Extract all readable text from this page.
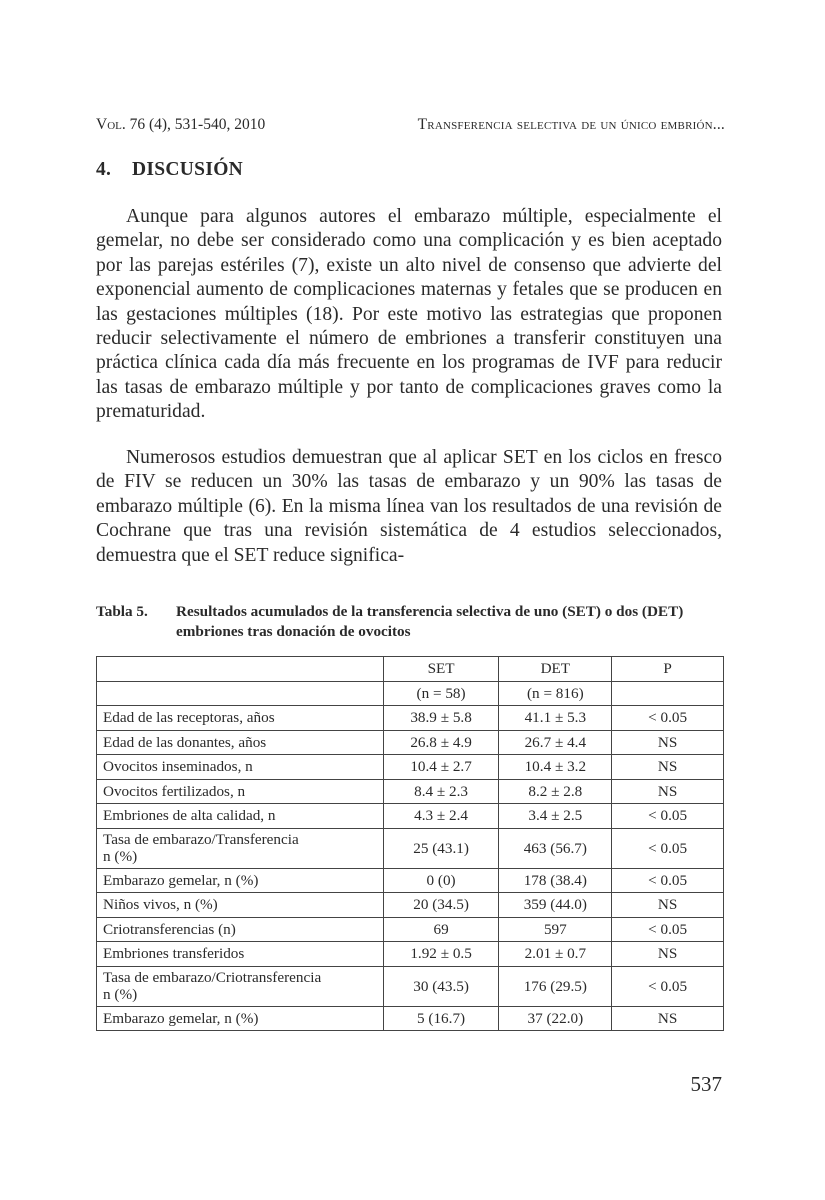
Vol. 76 (4), 531-540, 2010	Transferencia selectiva de un único embrión...
4. DISCUSIÓN

Aunque para algunos autores el embarazo múltiple, especialmente el gemelar, no debe ser considerado como una complicación y es bien aceptado por las parejas estériles (7), existe un alto nivel de consenso que advierte del exponencial aumento de complicaciones maternas y fetales que se producen en las gestaciones múltiples (18). Por este motivo las estrategias que proponen reducir selectivamente el número de embriones a transferir constituyen una práctica clínica cada día más frecuente en los programas de IVF para reducir las tasas de embarazo múltiple y por tanto de complicaciones graves como la prematuridad.

Numerosos estudios demuestran que al aplicar SET en los ciclos en fresco de FIV se reducen un 30% las tasas de embarazo y un 90% las tasas de embarazo múltiple (6). En la misma línea van los resultados de una revisión de Cochrane que tras una revisión sistemática de 4 estudios seleccionados, demuestra que el SET reduce significa-

Tabla 5. Resultados acumulados de la transferencia selectiva de uno (SET) o dos (DET) embriones tras donación de ovocitos
	SET	DET	P
	(n = 58)	(n = 816)	
Edad de las receptoras, años	38.9 ± 5.8	41.1 ± 5.3	< 0.05
Edad de las donantes, años	26.8 ± 4.9	26.7 ± 4.4	NS
Ovocitos inseminados, n	10.4 ± 2.7	10.4 ± 3.2	NS
Ovocitos fertilizados, n	8.4 ± 2.3	8.2 ± 2.8	NS
Embriones de alta calidad, n	4.3 ± 2.4	3.4 ± 2.5	< 0.05
Tasa de embarazo/Transferencia
n (%)	25 (43.1)	463 (56.7)	< 0.05
Embarazo gemelar, n (%)	0 (0)	178 (38.4)	< 0.05
Niños vivos, n (%)	20 (34.5)	359 (44.0)	NS
Criotransferencias (n)	69	597	< 0.05
Embriones transferidos	1.92 ± 0.5	2.01 ± 0.7	NS
Tasa de embarazo/Criotransferencia
n (%)	30 (43.5)	176 (29.5)	< 0.05
Embarazo gemelar, n (%)	5 (16.7)	37 (22.0)	NS
537
